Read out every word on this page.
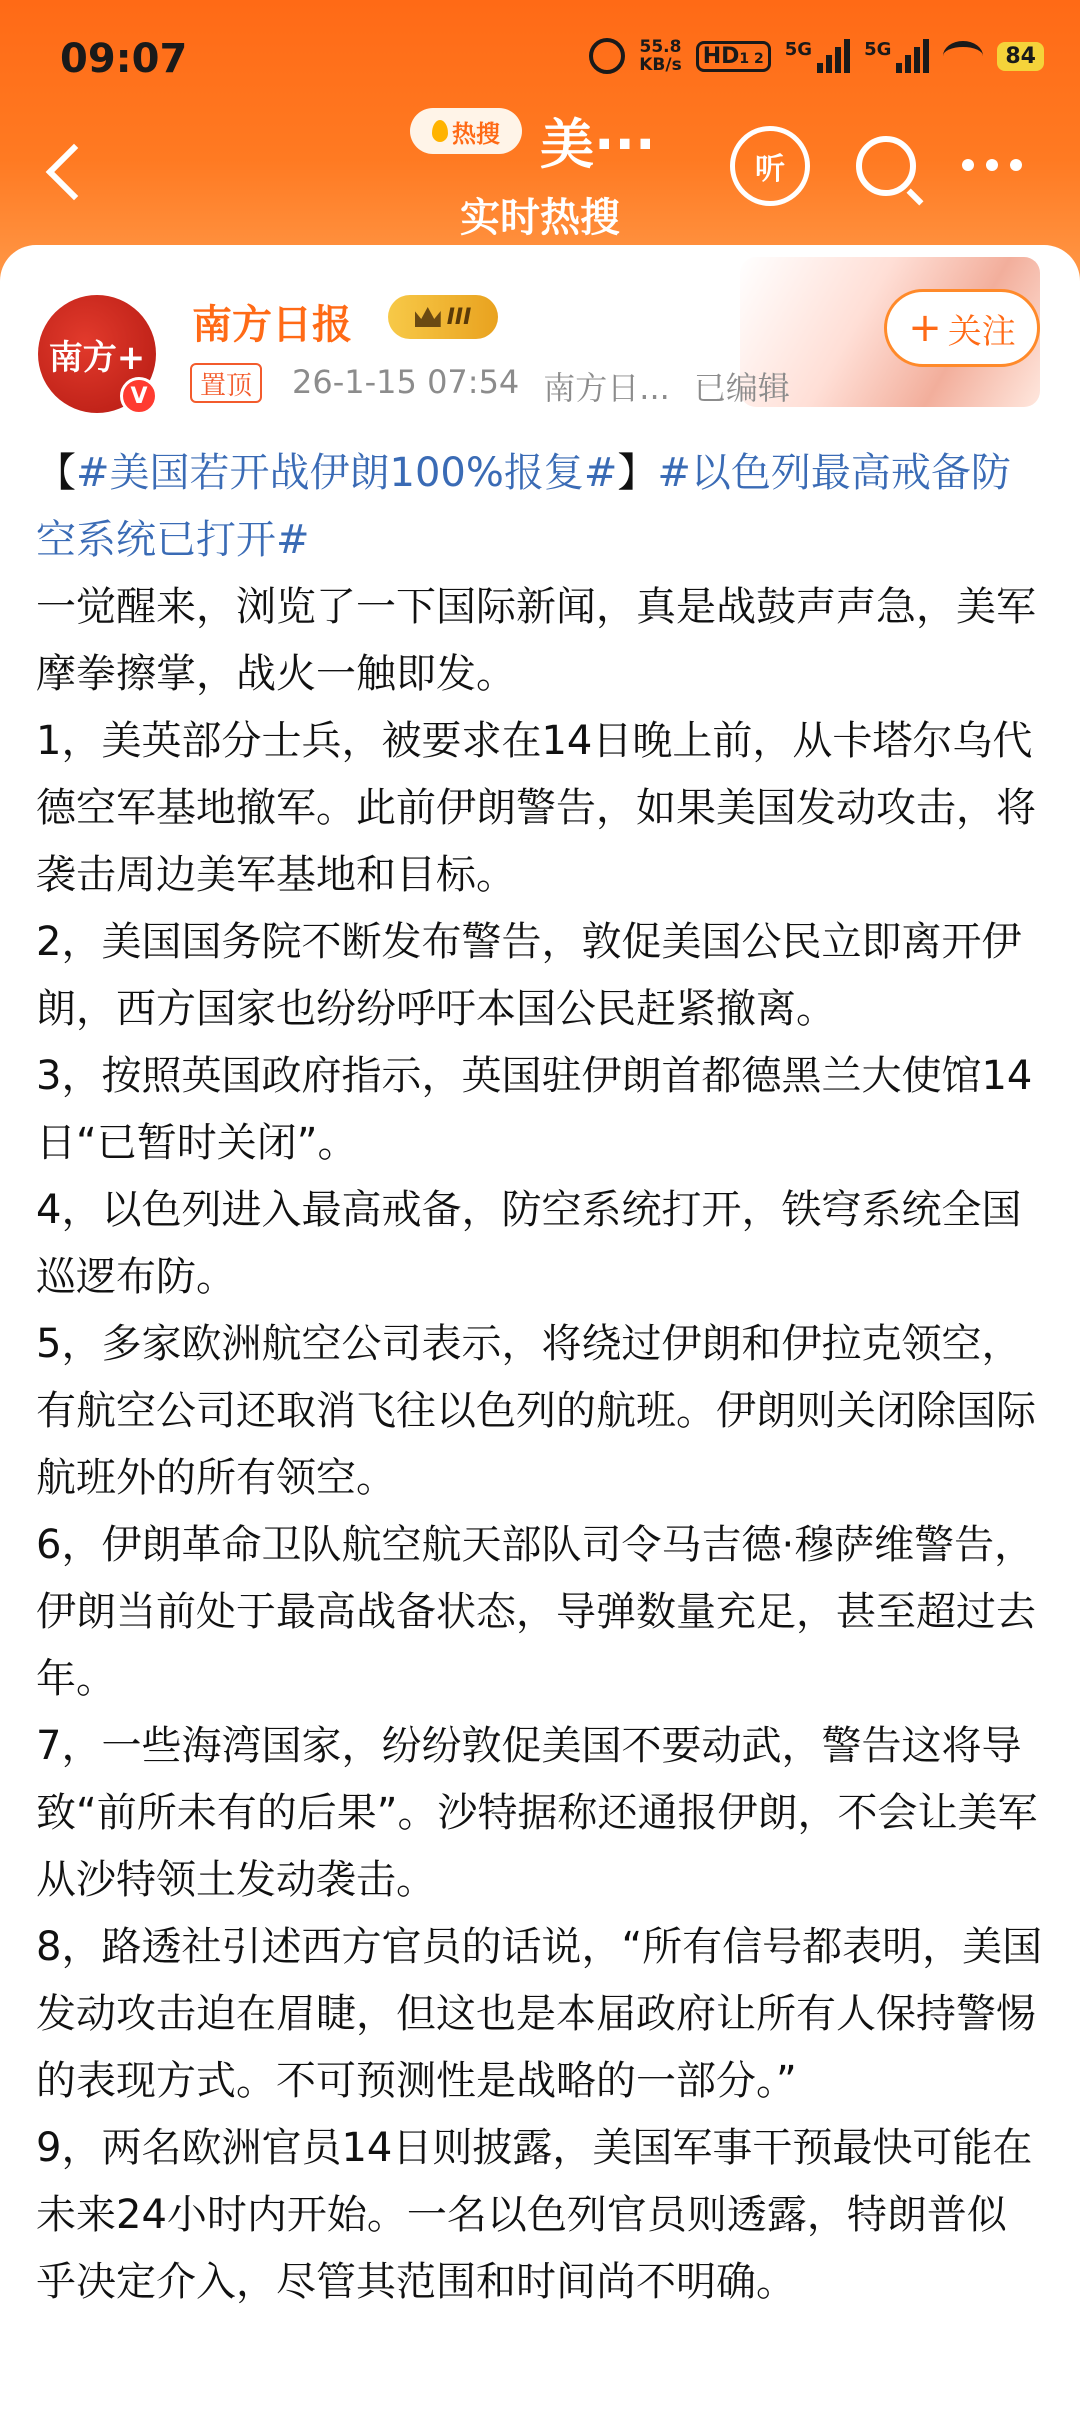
09:07	55.8
KB/s HD1 2	5G	5G	84
热搜 美···
实时热搜
听
南方+
V
南方日报	III	+ 关注
置顶	26-1-15 07:54 南方日... 已编辑

【#美国若开战伊朗100%报复#】#以色列最高戒备防空系统已打开#

一觉醒来，浏览了一下国际新闻，真是战鼓声声急，美军摩拳擦掌，战火一触即发。

1，美英部分士兵，被要求在14日晚上前，从卡塔尔乌代德空军基地撤军。此前伊朗警告，如果美国发动攻击，将袭击周边美军基地和目标。

2，美国国务院不断发布警告，敦促美国公民立即离开伊朗，西方国家也纷纷呼吁本国公民赶紧撤离。

3，按照英国政府指示，英国驻伊朗首都德黑兰大使馆14日“已暂时关闭”。

4，以色列进入最高戒备，防空系统打开，铁穹系统全国巡逻布防。

5，多家欧洲航空公司表示，将绕过伊朗和伊拉克领空，有航空公司还取消飞往以色列的航班。伊朗则关闭除国际航班外的所有领空。

6，伊朗革命卫队航空航天部队司令马吉德·穆萨维警告，伊朗当前处于最高战备状态，导弹数量充足，甚至超过去年。

7，一些海湾国家，纷纷敦促美国不要动武，警告这将导致“前所未有的后果”。沙特据称还通报伊朗，不会让美军从沙特领土发动袭击。

8，路透社引述西方官员的话说，“所有信号都表明，美国发动攻击迫在眉睫，但这也是本届政府让所有人保持警惕的表现方式。不可预测性是战略的一部分。”

9，两名欧洲官员14日则披露，美国军事干预最快可能在未来24小时内开始。一名以色列官员则透露，特朗普似乎决定介入，尽管其范围和时间尚不明确。
